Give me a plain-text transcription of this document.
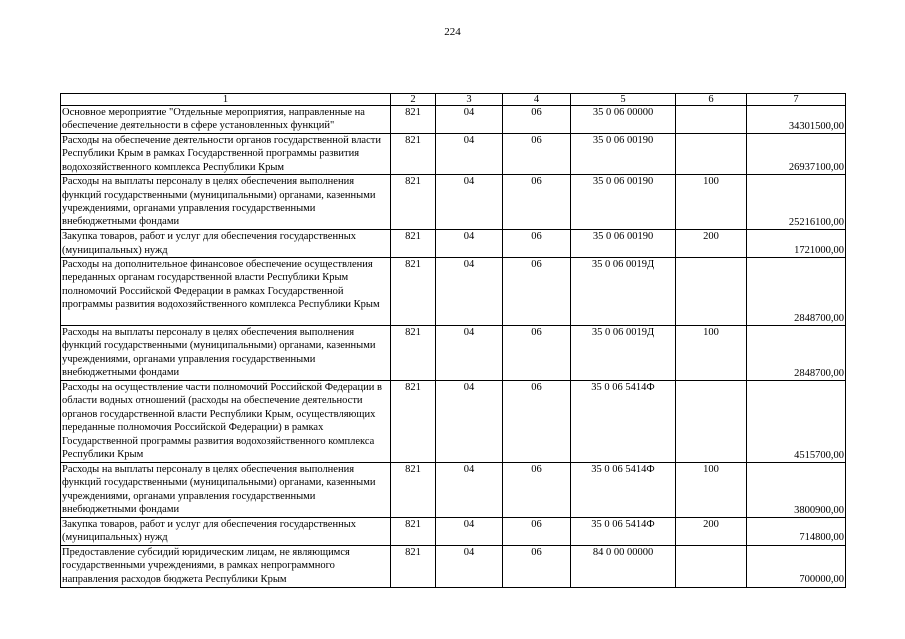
224
1	2	3	4	5	6	7
Основное мероприятие "Отдельные мероприятия, направленные на обеспечение деятельности в сфере установленных функций"	821	04	06	35 0 06 00000		34301500,00
Расходы на обеспечение деятельности органов государственной власти Республики Крым в рамках Государственной программы развития водохозяйственного комплекса Республики Крым	821	04	06	35 0 06 00190		26937100,00
Расходы на выплаты персоналу в целях обеспечения выполнения функций государственными (муниципальными) органами, казенными учреждениями, органами управления государственными внебюджетными фондами	821	04	06	35 0 06 00190	100	25216100,00
Закупка товаров, работ и услуг для обеспечения государственных (муниципальных) нужд	821	04	06	35 0 06 00190	200	1721000,00
Расходы на дополнительное финансовое обеспечение осуществления переданных органам государственной власти Республики Крым полномочий Российской Федерации в рамках Государственной программы развития водохозяйственного комплекса Республики Крым	821	04	06	35 0 06 0019Д		2848700,00
Расходы на выплаты персоналу в целях обеспечения выполнения функций государственными (муниципальными) органами, казенными учреждениями, органами управления государственными внебюджетными фондами	821	04	06	35 0 06 0019Д	100	2848700,00
Расходы на осуществление части полномочий Российской Федерации в области водных отношений (расходы на обеспечение деятельности органов государственной власти Республики Крым, осуществляющих переданные полномочия Российской Федерации) в рамках Государственной программы развития водохозяйственного комплекса Республики Крым	821	04	06	35 0 06 5414Ф		4515700,00
Расходы на выплаты персоналу в целях обеспечения выполнения функций государственными (муниципальными) органами, казенными учреждениями, органами управления государственными внебюджетными фондами	821	04	06	35 0 06 5414Ф	100	3800900,00
Закупка товаров, работ и услуг для обеспечения государственных (муниципальных) нужд	821	04	06	35 0 06 5414Ф	200	714800,00
Предоставление субсидий юридическим лицам, не являющимся государственными учреждениями, в рамках непрограммного направления расходов бюджета Республики Крым	821	04	06	84 0 00 00000		700000,00
